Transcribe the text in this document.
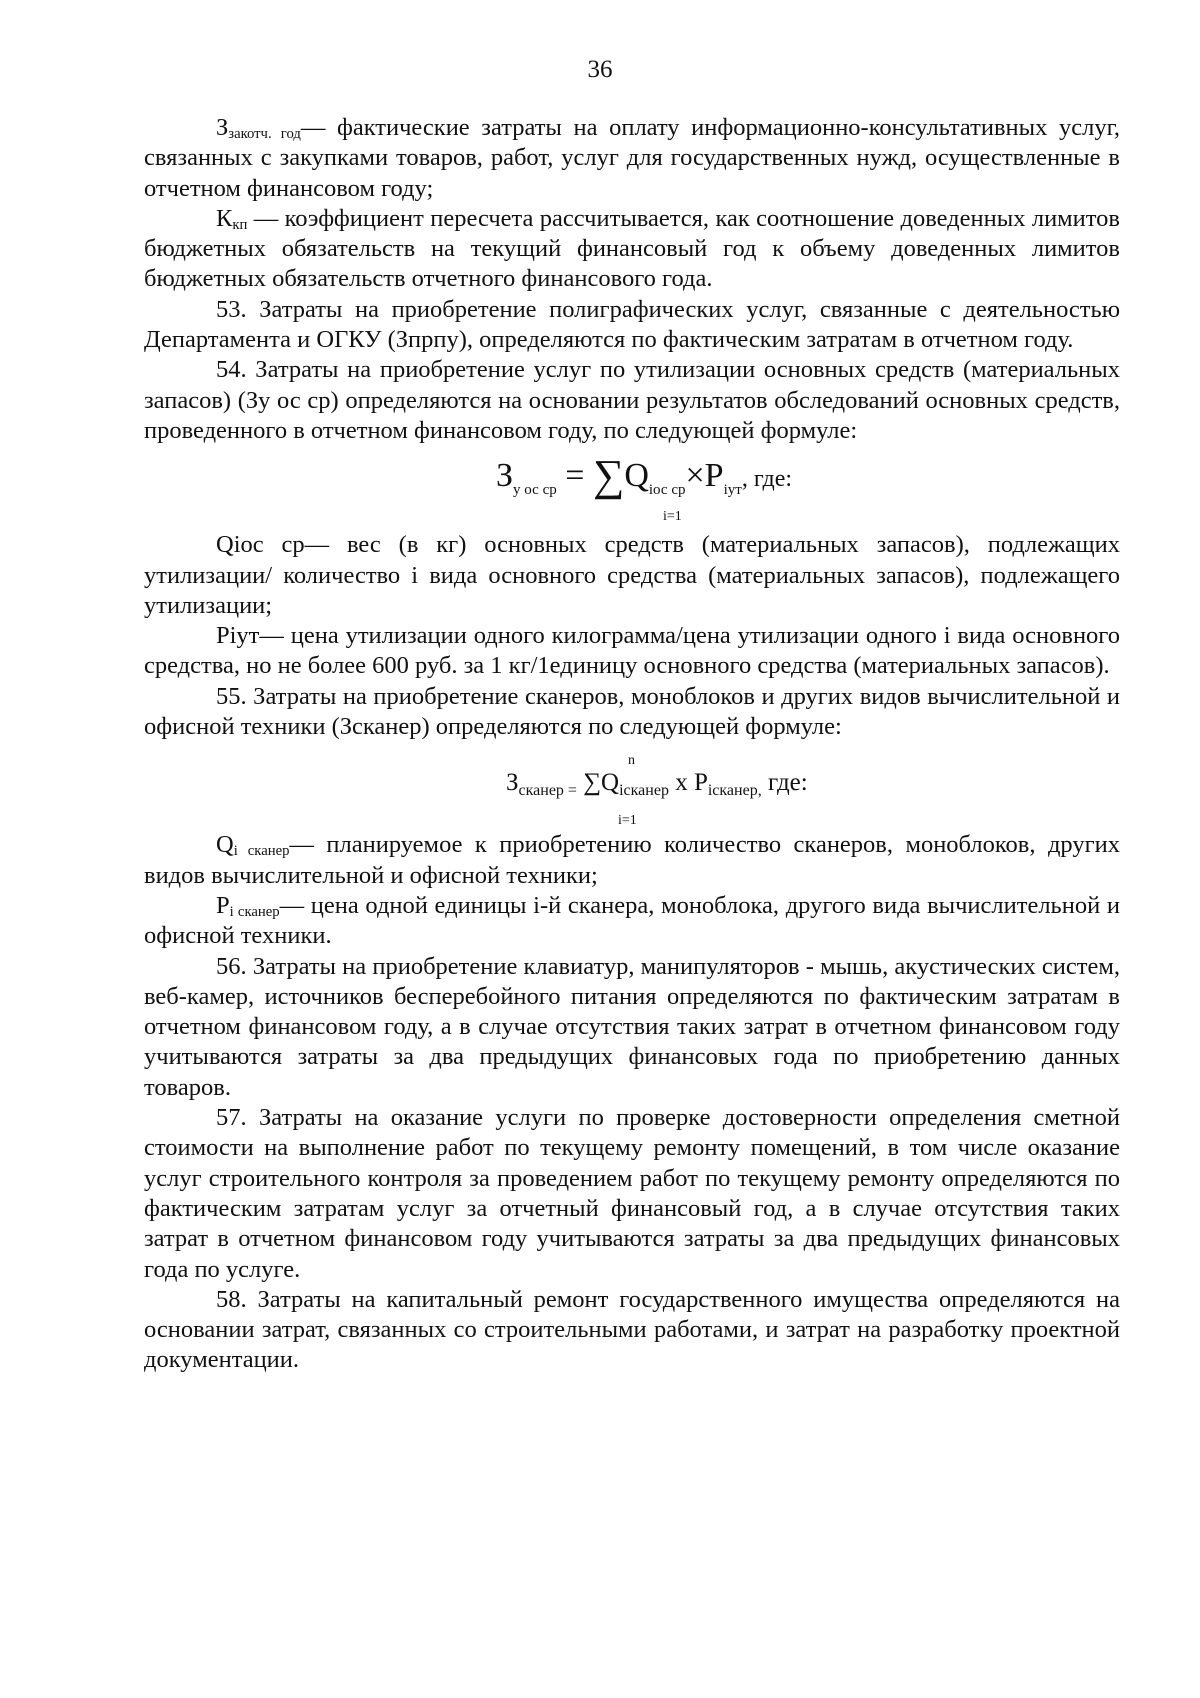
36

$З_{закотч. год}—$ фактические затраты на оплату информационно-консультативных услуг, связанных с закупками товаров, работ, услуг для государственных нужд, осуществленные в отчетном финансовом году;

$К_{кп}$ — коэффициент пересчета рассчитывается, как соотношение доведенных лимитов бюджетных обязательств на текущий финансовый год к объему доведенных лимитов бюджетных обязательств отчетного финансового года.

53. Затраты на приобретение полиграфических услуг, связанные с деятельностью Департамента и ОГКУ (Зпрпу), определяются по фактическим затратам в отчетном году.

54. Затраты на приобретение услуг по утилизации основных средств (материальных запасов) (Зу ос ср) определяются на основании результатов обследований основных средств, проведенного в отчетном финансовом году, по следующей формуле:

$З_{у ос ср} = \sum Q_{iос ср}\times P_{iут}$, где:
i=1

Qioc ср— вес (в кг) основных средств (материальных запасов), подлежащих утилизации/ количество i вида основного средства (материальных запасов), подлежащего утилизации;

Piут— цена утилизации одного килограмма/цена утилизации одного i вида основного средства, но не более 600 руб. за 1 кг/1единицу основного средства (материальных запасов).

55. Затраты на приобретение сканеров, моноблоков и других видов вычислительной и офисной техники (Зсканер) определяются по следующей формуле:

n
$З_{сканер =}$ $\sum Q_{iсканер}$ x $P_{iсканер,}$ где:
i=1

$Q_{i сканер}—$ планируемое к приобретению количество сканеров, моноблоков, других видов вычислительной и офисной техники;

$P_{i сканер}—$ цена одной единицы i-й сканера, моноблока, другого вида вычислительной и офисной техники.

56. Затраты на приобретение клавиатур, манипуляторов - мышь, акустических систем, веб-камер, источников бесперебойного питания определяются по фактическим затратам в отчетном финансовом году, а в случае отсутствия таких затрат в отчетном финансовом году учитываются затраты за два предыдущих финансовых года по приобретению данных товаров.

57. Затраты на оказание услуги по проверке достоверности определения сметной стоимости на выполнение работ по текущему ремонту помещений, в том числе оказание услуг строительного контроля за проведением работ по текущему ремонту определяются по фактическим затратам услуг за отчетный финансовый год, а в случае отсутствия таких затрат в отчетном финансовом году учитываются затраты за два предыдущих финансовых года по услуге.

58. Затраты на капитальный ремонт государственного имущества определяются на основании затрат, связанных со строительными работами, и затрат на разработку проектной документации.
